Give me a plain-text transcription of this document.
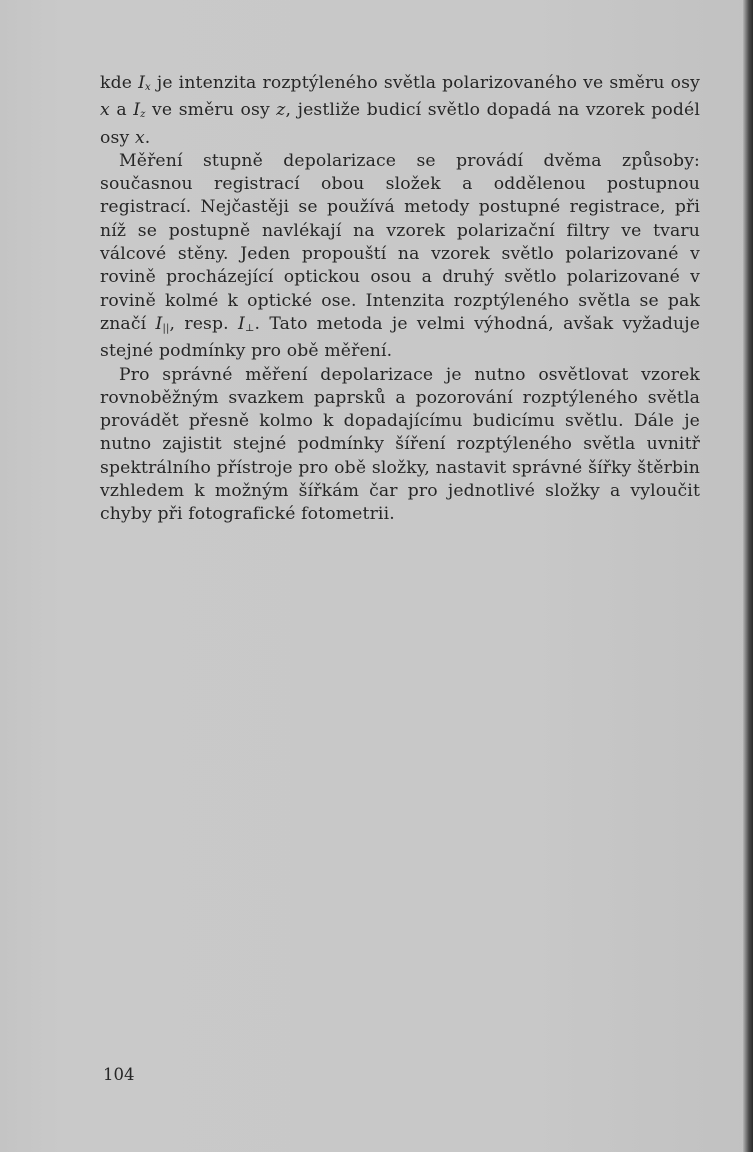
kde $I_x$ je intenzita rozptýleného světla polarizovaného ve směru osy x a $I_z$ ve směru osy z, jestliže budicí světlo dopadá na vzorek podél osy x.

Měření stupně depolarizace se provádí dvěma způsoby: současnou registrací obou složek a oddělenou postupnou registrací. Nejčastěji se používá metody postupné registrace, při níž se postupně navlékají na vzorek polarizační filtry ve tvaru válcové stěny. Jeden propouští na vzorek světlo polarizované v rovině procházející optickou osou a druhý světlo polarizované v rovině kolmé k optické ose. Intenzita rozptýleného světla se pak značí $I_{||}$, resp. $I_\perp$. Tato metoda je velmi výhodná, avšak vyžaduje stejné podmínky pro obě měření.

Pro správné měření depolarizace je nutno osvětlovat vzorek rovnoběžným svazkem paprsků a pozorování rozptýleného světla provádět přesně kolmo k dopadajícímu budicímu světlu. Dále je nutno zajistit stejné podmínky šíření rozptýleného světla uvnitř spektrálního přístroje pro obě složky, nastavit správné šířky štěrbin vzhledem k možným šířkám čar pro jednotlivé složky a vyloučit chyby při fotografické fotometrii.

104
